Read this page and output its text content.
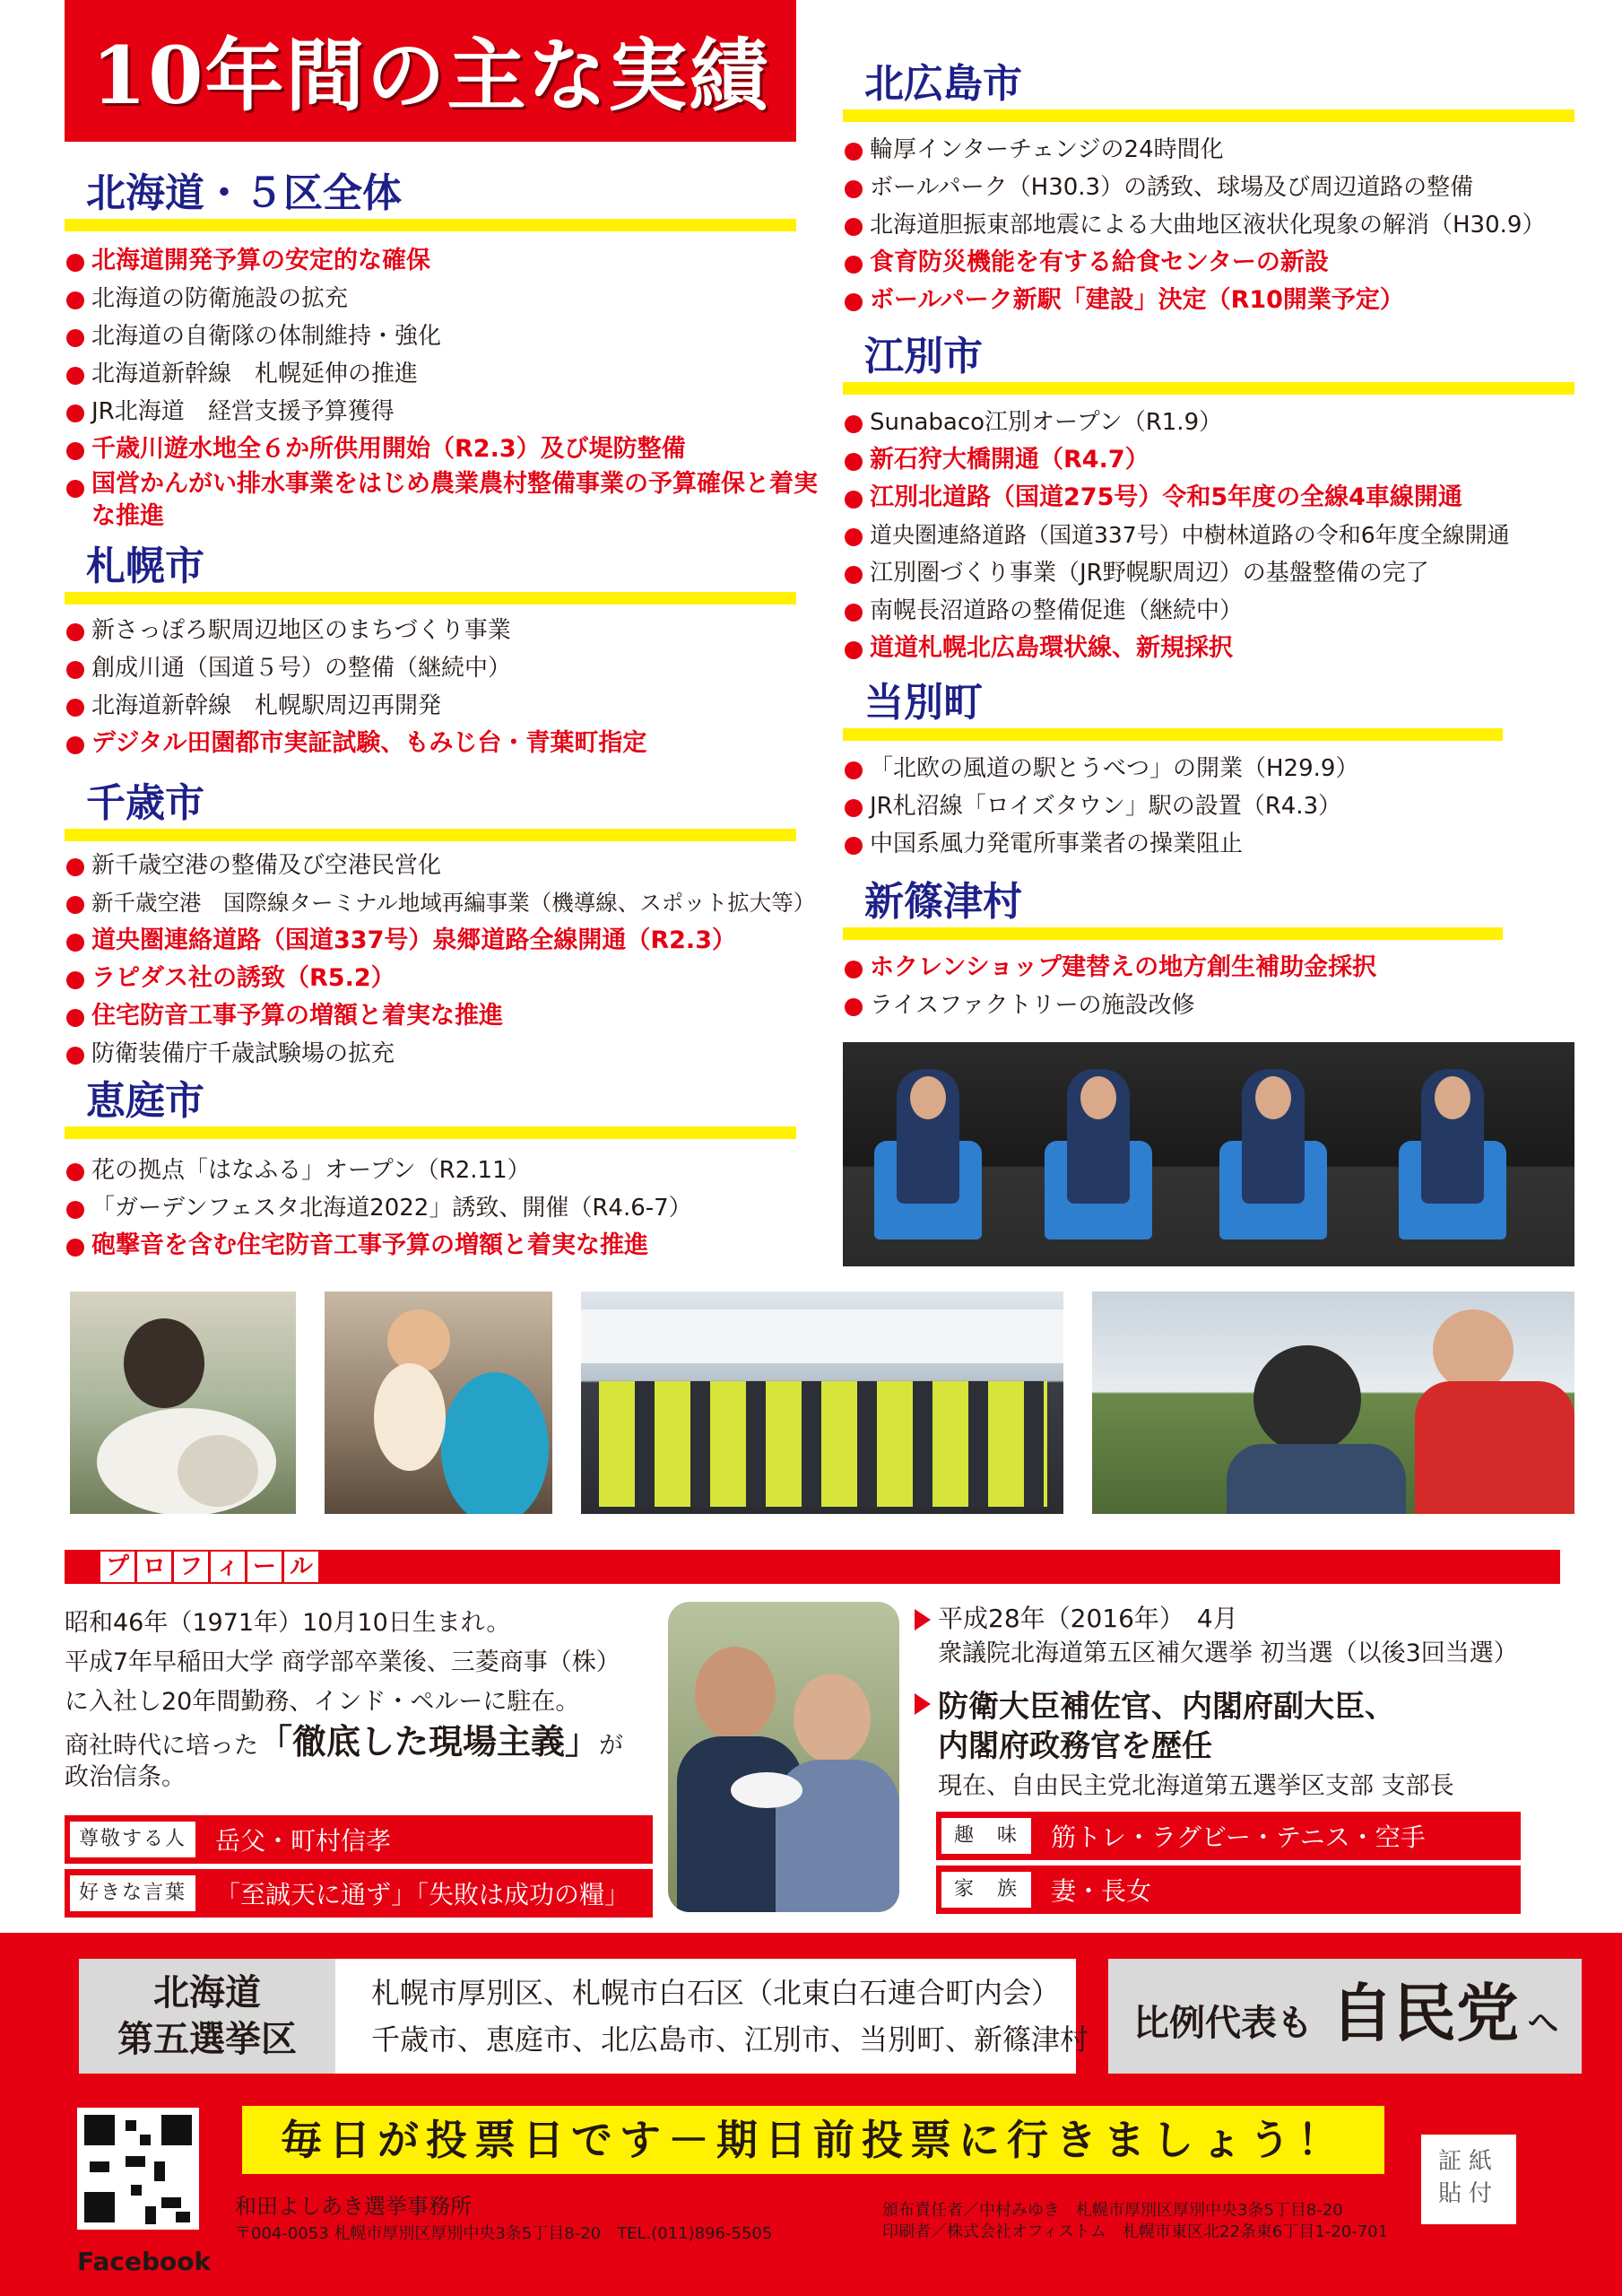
10年間の主な実績
北海道・５区全体
北海道開発予算の安定的な確保
北海道の防衛施設の拡充
北海道の自衛隊の体制維持・強化
北海道新幹線　札幌延伸の推進
JR北海道　経営支援予算獲得
千歳川遊水地全６か所供用開始（R2.3）及び堤防整備
国営かんがい排水事業をはじめ農業農村整備事業の予算確保と着実な推進
札幌市
新さっぽろ駅周辺地区のまちづくり事業
創成川通（国道５号）の整備（継続中）
北海道新幹線　札幌駅周辺再開発
デジタル田園都市実証試験、もみじ台・青葉町指定
千歳市
新千歳空港の整備及び空港民営化
新千歳空港　国際線ターミナル地域再編事業（機導線、スポット拡大等）
道央圏連絡道路（国道337号）泉郷道路全線開通（R2.3）
ラピダス社の誘致（R5.2）
住宅防音工事予算の増額と着実な推進
防衛装備庁千歳試験場の拡充
恵庭市
花の拠点「はなふる」オープン（R2.11）
「ガーデンフェスタ北海道2022」誘致、開催（R4.6-7）
砲撃音を含む住宅防音工事予算の増額と着実な推進
北広島市
輪厚インターチェンジの24時間化
ボールパーク（H30.3）の誘致、球場及び周辺道路の整備
北海道胆振東部地震による大曲地区液状化現象の解消（H30.9）
食育防災機能を有する給食センターの新設
ボールパーク新駅「建設」決定（R10開業予定）
江別市
Sunabaco江別オープン（R1.9）
新石狩大橋開通（R4.7）
江別北道路（国道275号）令和5年度の全線4車線開通
道央圏連絡道路（国道337号）中樹林道路の令和6年度全線開通
江別圏づくり事業（JR野幌駅周辺）の基盤整備の完了
南幌長沼道路の整備促進（継続中）
道道札幌北広島環状線、新規採択
当別町
「北欧の風道の駅とうべつ」の開業（H29.9）
JR札沼線「ロイズタウン」駅の設置（R4.3）
中国系風力発電所事業者の操業阻止
新篠津村
ホクレンショップ建替えの地方創生補助金採択
ライスファクトリーの施設改修
プ ロ フ ィ ー ル
昭和46年（1971年）10月10日生まれ。
平成7年早稲田大学 商学部卒業後、三菱商事（株）
に入社し20年間勤務、インド・ペルーに駐在。
商社時代に培った「徹底した現場主義」が
政治信条。
尊敬する人	岳父・町村信孝
好きな言葉	「至誠天に通ず」「失敗は成功の糧」
平成28年（2016年）　4月
衆議院北海道第五区補欠選挙 初当選（以後3回当選）
防衛大臣補佐官、内閣府副大臣、
内閣府政務官を歴任
現在、自由民主党北海道第五選挙区支部 支部長
趣　味	筋トレ・ラグビー・テニス・空手
家　族	妻・長女
北海道
第五選挙区
札幌市厚別区、札幌市白石区（北東白石連合町内会）
千歳市、恵庭市、北広島市、江別市、当別町、新篠津村 比例代表も 自民党 へ
Facebook
毎日が投票日です－期日前投票に行きましょう！
和田よしあき選挙事務所
〒004-0053 札幌市厚別区厚別中央3条5丁目8-20　TEL.(011)896-5505
頒布責任者／中村みゆき　札幌市厚別区厚別中央3条5丁目8-20
印刷者／株式会社オフィストム　札幌市東区北22条東6丁目1-20-701
証紙
貼付
